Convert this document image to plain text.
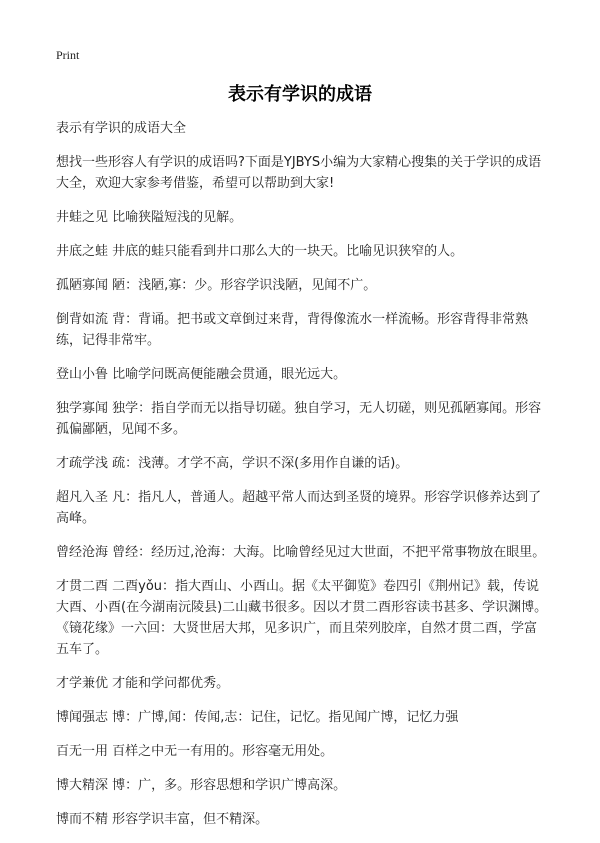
Print
表示有学识的成语

表示有学识的成语大全

想找一些形容人有学识的成语吗?下面是YJBYS小编为大家精心搜集的关于学识的成语大全，欢迎大家参考借鉴，希望可以帮助到大家!

井蛙之见 比喻狭隘短浅的见解。

井底之蛙 井底的蛙只能看到井口那么大的一块天。比喻见识狭窄的人。

孤陋寡闻 陋：浅陋,寡：少。形容学识浅陋，见闻不广。

倒背如流 背：背诵。把书或文章倒过来背，背得像流水一样流畅。形容背得非常熟练，记得非常牢。

登山小鲁 比喻学问既高便能融会贯通，眼光远大。

独学寡闻 独学：指自学而无以指导切磋。独自学习，无人切磋，则见孤陋寡闻。形容孤偏鄙陋，见闻不多。

才疏学浅 疏：浅薄。才学不高，学识不深(多用作自谦的话)。

超凡入圣 凡：指凡人，普通人。超越平常人而达到圣贤的境界。形容学识修养达到了高峰。

曾经沧海 曾经：经历过,沧海：大海。比喻曾经见过大世面，不把平常事物放在眼里。

才贯二酉 二酉yǒu：指大酉山、小酉山。据《太平御览》卷四引《荆州记》载，传说大酉、小酉(在今湖南沅陵县)二山藏书很多。因以才贯二酉形容读书甚多、学识渊博。《镜花缘》一六回：大贤世居大邦，见多识广，而且荣列胶庠，自然才贯二酉，学富五车了。

才学兼优 才能和学问都优秀。

博闻强志 博：广博,闻：传闻,志：记住，记忆。指见闻广博，记忆力强

百无一用 百样之中无一有用的。形容毫无用处。

博大精深 博：广，多。形容思想和学识广博高深。

博而不精 形容学识丰富，但不精深。
